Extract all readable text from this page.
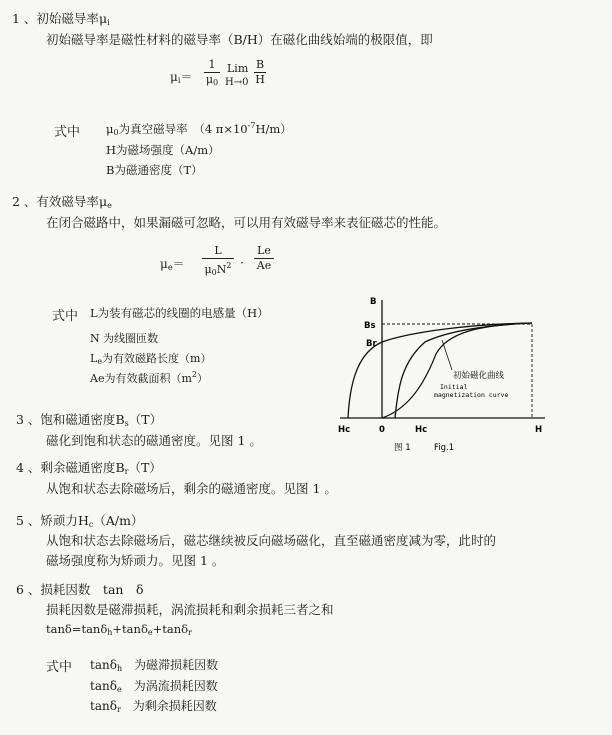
1 、初始磁导率$\mu_i$
初始磁导率是磁性材料的磁导率（B/H）在磁化曲线始端的极限值，即
$\mu_i=$
1
$\mu_0$
Lim
H→0
B
H
式中 $\mu_0$为真空磁导率　（4 $\pi\times 10^{-7}H/m$）
H为磁场强度（A/m）
B为磁通密度（T）
2 、有效磁导率$\mu_e$
在闭合磁路中，如果漏磁可忽略，可以用有效磁导率来表征磁芯的性能。
$\mu_e=$
L
$\mu_0N^2$ ·
Le
Ae
式中 L为装有磁芯的线圈的电感量（H）
N 为线圈匝数
$L_e$为有效磁路长度（m）
Ae为有效截面积$(m^2)$
B
Bs
Br
Hc	0	Hc	H
初始磁化曲线
Initial
magnetization curve
图 1	Fig.1
3 、饱和磁通密度$B_s(T)$
磁化到饱和状态的磁通密度。见图 1 。
4 、剩余磁通密度$B_r(T)$
从饱和状态去除磁场后，剩余的磁通密度。见图 1 。
5 、矫顽力$H_c(A/m)$
从饱和状态去除磁场后，磁芯继续被反向磁场磁化，直至磁通密度减为零，此时的
磁场强度称为矫顽力。见图 1 。
6 、损耗因数　tan　δ
损耗因数是磁滞损耗，涡流损耗和剩余损耗三者之和
tanδ=tanδ$_h$+tanδ$_e$+tanδ$_r$
式中 tanδ$_h$　 为磁滞损耗因数
tanδ$_e$　 为涡流损耗因数
tanδ$_r$　 为剩余损耗因数
